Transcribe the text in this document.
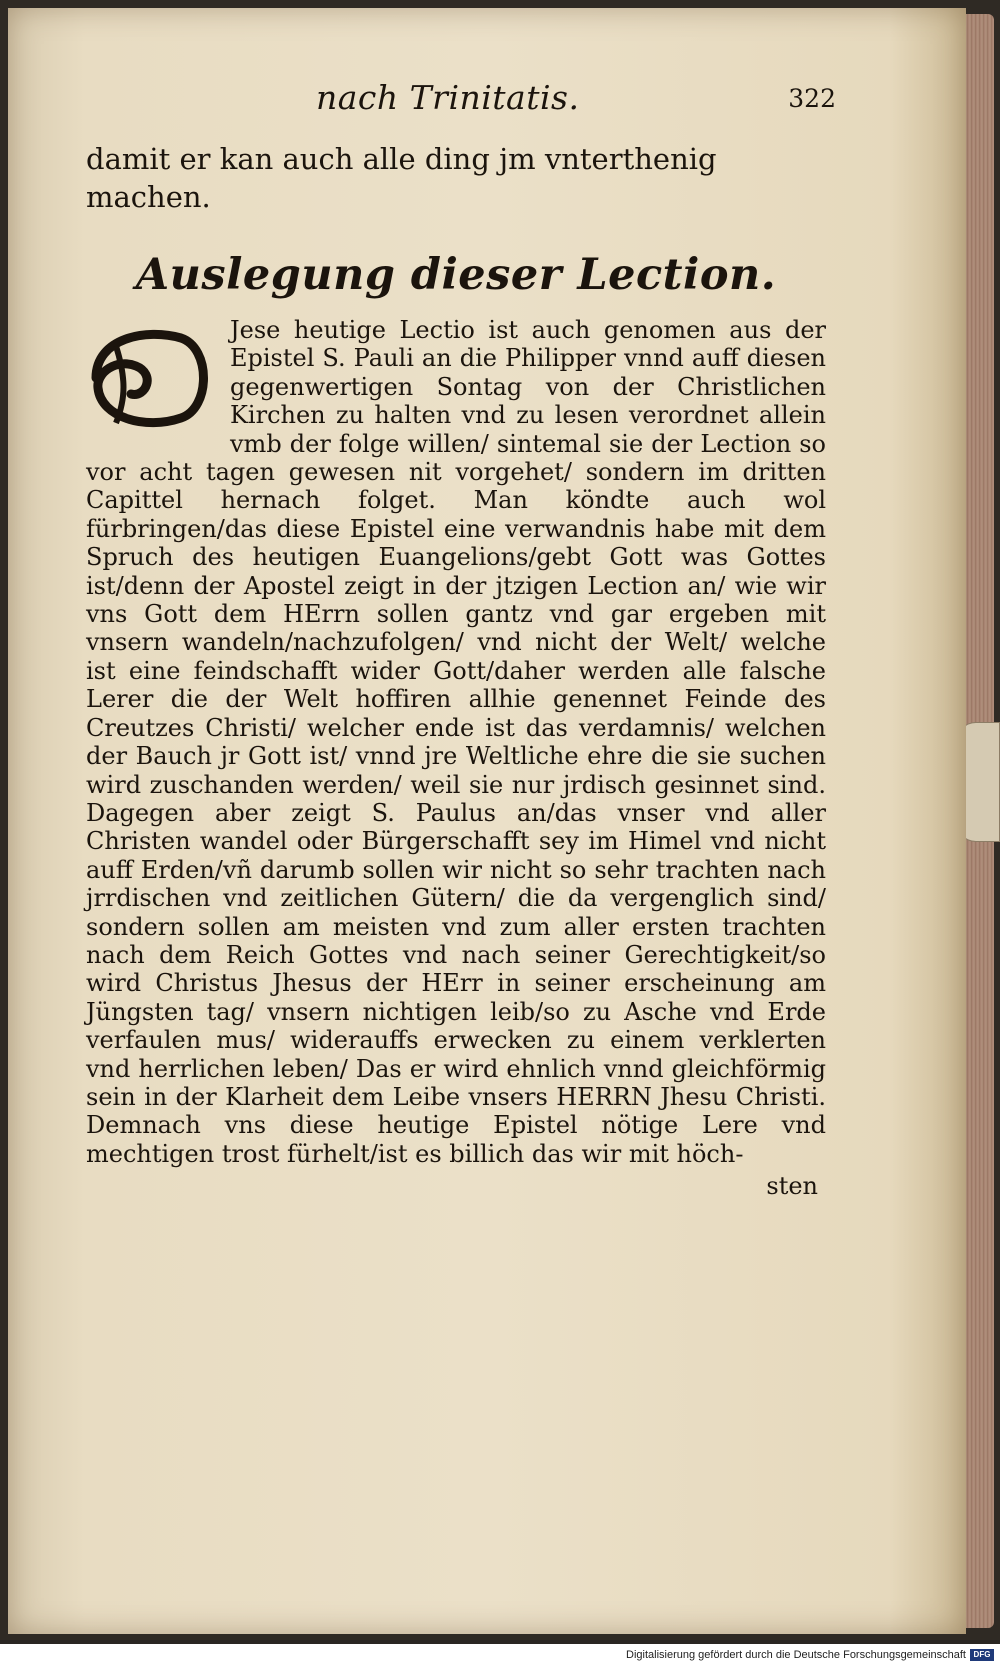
nach Trinitatis.	322

damit er kan auch alle ding jm vnterthenig machen.

Auslegung dieser Lection.

Jese heutige Lectio ist auch genomen aus der Epistel S. Pauli an die Philipper vnnd auff diesen gegenwertigen Sontag von der Christlichen Kirchen zu halten vnd zu lesen verordnet allein vmb der folge willen/ sintemal sie der Lection so vor acht tagen gewesen nit vorgehet/ sondern im dritten Capittel hernach folget. Man köndte auch wol fürbringen/das diese Epistel eine verwandnis habe mit dem Spruch des heutigen Euangelions/gebt Gott was Gottes ist/denn der Apostel zeigt in der jtzigen Lection an/ wie wir vns Gott dem HErrn sollen gantz vnd gar ergeben mit vnsern wandeln/nachzufolgen/ vnd nicht der Welt/ welche ist eine feindschafft wider Gott/daher werden alle falsche Lerer die der Welt hoffiren allhie genennet Feinde des Creutzes Christi/ welcher ende ist das verdamnis/ welchen der Bauch jr Gott ist/ vnnd jre Weltliche ehre die sie suchen wird zuschanden werden/ weil sie nur jrdisch gesinnet sind. Dagegen aber zeigt S. Paulus an/das vnser vnd aller Christen wandel oder Bürgerschafft sey im Himel vnd nicht auff Erden/vñ darumb sollen wir nicht so sehr trachten nach jrrdischen vnd zeitlichen Gütern/ die da vergenglich sind/ sondern sollen am meisten vnd zum aller ersten trachten nach dem Reich Gottes vnd nach seiner Gerechtigkeit/so wird Christus Jhesus der HErr in seiner erscheinung am Jüngsten tag/ vnsern nichtigen leib/so zu Asche vnd Erde verfaulen mus/ widerauffs erwecken zu einem verklerten vnd herrlichen leben/ Das er wird ehnlich vnnd gleichförmig sein in der Klarheit dem Leibe vnsers HERRN Jhesu Christi. Demnach vns diese heutige Epistel nötige Lere vnd mechtigen trost fürhelt/ist es billich das wir mit höch-

sten
Digitalisierung gefördert durch die Deutsche Forschungsgemeinschaft DFG
